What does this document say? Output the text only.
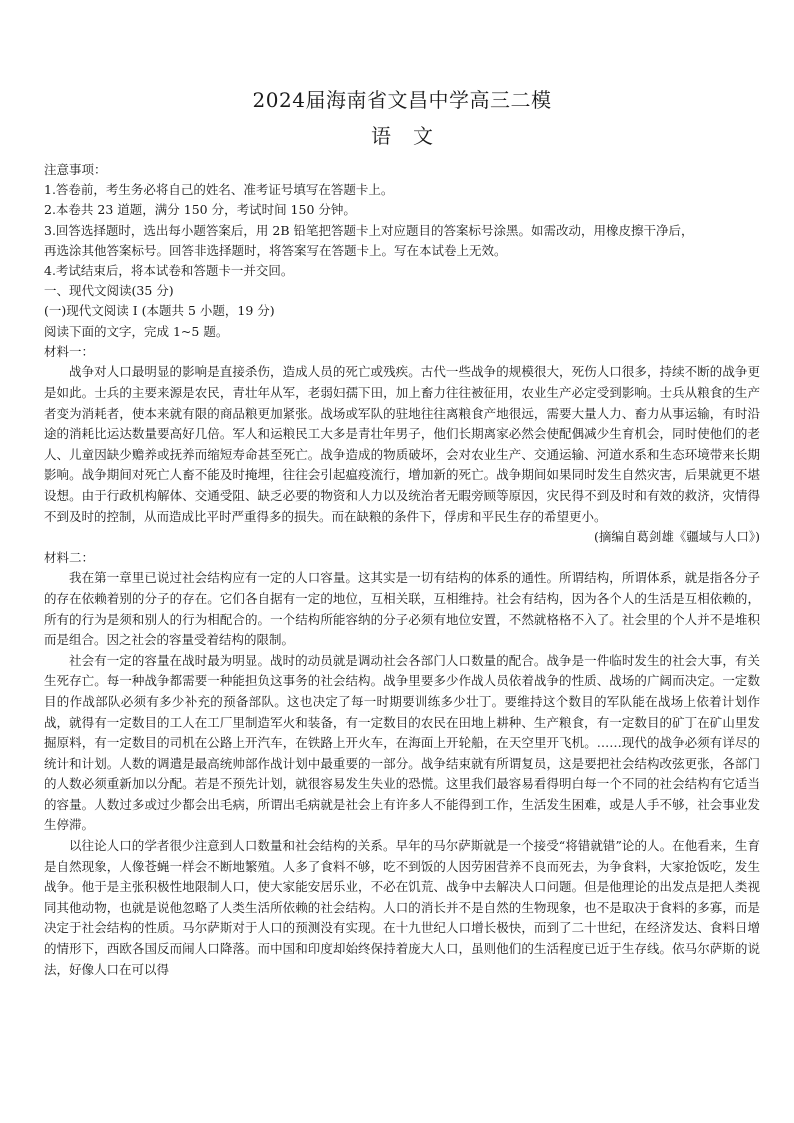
2024届海南省文昌中学高三二模
语文

注意事项：

1.答卷前，考生务必将自己的姓名、准考证号填写在答题卡上。

2.本卷共 23 道题，满分 150 分，考试时间 150 分钟。

3.回答选择题时，选出每小题答案后，用 2B 铅笔把答题卡上对应题目的答案标号涂黑。如需改动，用橡皮擦干净后，

再选涂其他答案标号。回答非选择题时，将答案写在答题卡上。写在本试卷上无效。

4.考试结束后，将本试卷和答题卡一并交回。

一、现代文阅读(35 分)

(一)现代文阅读 I (本题共 5 小题，19 分)

阅读下面的文字，完成 1~5 题。

材料一：

战争对人口最明显的影响是直接杀伤，造成人员的死亡或残疾。古代一些战争的规模很大，死伤人口很多，持续不断的战争更是如此。士兵的主要来源是农民，青壮年从军，老弱妇孺下田，加上畜力往往被征用，农业生产必定受到影响。士兵从粮食的生产者变为消耗者，使本来就有限的商品粮更加紧张。战场或军队的驻地往往离粮食产地很远，需要大量人力、畜力从事运输，有时沿途的消耗比运达数量要高好几倍。军人和运粮民工大多是青壮年男子，他们长期离家必然会使配偶减少生育机会，同时使他们的老人、儿童因缺少赡养或抚养而缩短寿命甚至死亡。战争造成的物质破坏，会对农业生产、交通运输、河道水系和生态环境带来长期影响。战争期间对死亡人畜不能及时掩埋，往往会引起瘟疫流行，增加新的死亡。战争期间如果同时发生自然灾害，后果就更不堪设想。由于行政机构解体、交通受阻、缺乏必要的物资和人力以及统治者无暇旁顾等原因，灾民得不到及时和有效的救济，灾情得不到及时的控制，从而造成比平时严重得多的损失。而在缺粮的条件下，俘虏和平民生存的希望更小。

(摘编自葛剑雄《疆域与人口》)

材料二：

我在第一章里已说过社会结构应有一定的人口容量。这其实是一切有结构的体系的通性。所谓结构，所谓体系，就是指各分子的存在依赖着别的分子的存在。它们各自据有一定的地位，互相关联，互相维持。社会有结构，因为各个人的生活是互相依赖的，所有的行为是须和别人的行为相配合的。一个结构所能容纳的分子必须有地位安置，不然就格格不入了。社会里的个人并不是堆积而是组合。因之社会的容量受着结构的限制。

社会有一定的容量在战时最为明显。战时的动员就是调动社会各部门人口数量的配合。战争是一件临时发生的社会大事，有关生死存亡。每一种战争都需要一种能担负这事务的社会结构。战争里要多少作战人员依着战争的性质、战场的广阔而决定。一定数目的作战部队必须有多少补充的预备部队。这也决定了每一时期要训练多少壮丁。要维持这个数目的军队能在战场上依着计划作战，就得有一定数目的工人在工厂里制造军火和装备，有一定数目的农民在田地上耕种、生产粮食，有一定数目的矿丁在矿山里发掘原料，有一定数目的司机在公路上开汽车，在铁路上开火车，在海面上开轮船，在天空里开飞机。……现代的战争必须有详尽的统计和计划。人数的调遣是最高统帅部作战计划中最重要的一部分。战争结束就有所谓复员，这是要把社会结构改弦更张，各部门的人数必须重新加以分配。若是不预先计划，就很容易发生失业的恐慌。这里我们最容易看得明白每一个不同的社会结构有它适当的容量。人数过多或过少都会出毛病，所谓出毛病就是社会上有许多人不能得到工作，生活发生困难，或是人手不够，社会事业发生停滞。

以往论人口的学者很少注意到人口数量和社会结构的关系。早年的马尔萨斯就是一个接受“将错就错”论的人。在他看来，生育是自然现象，人像苍蝇一样会不断地繁殖。人多了食料不够，吃不到饭的人因劳困营养不良而死去，为争食料，大家抢饭吃，发生战争。他于是主张积极性地限制人口，使大家能安居乐业，不必在饥荒、战争中去解决人口问题。但是他理论的出发点是把人类视同其他动物，也就是说他忽略了人类生活所依赖的社会结构。人口的消长并不是自然的生物现象，也不是取决于食料的多寡，而是决定于社会结构的性质。马尔萨斯对于人口的预测没有实现。在十九世纪人口增长极快，而到了二十世纪，在经济发达、食料日增的情形下，西欧各国反而闹人口降落。而中国和印度却始终保持着庞大人口，虽则他们的生活程度已近于生存线。依马尔萨斯的说法，好像人口在可以得
